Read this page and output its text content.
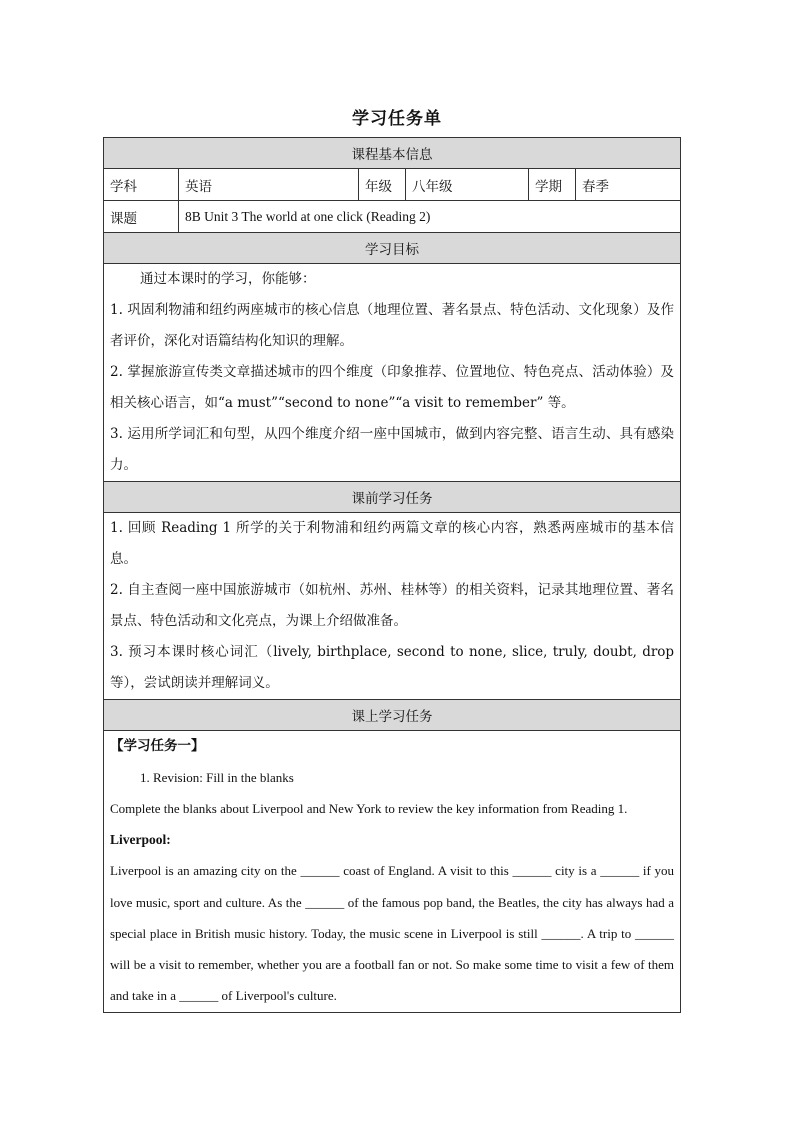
学习任务单
课程基本信息					
学科	英语	年级	八年级	学期	春季
课题	8B Unit 3 The world at one click (Reading 2)				
学习目标					

通过本课时的学习，你能够：
1. 巩固利物浦和纽约两座城市的核心信息（地理位置、著名景点、特色活动、文化现象）及作者评价，深化对语篇结构化知识的理解。
2. 掌握旅游宣传类文章描述城市的四个维度（印象推荐、位置地位、特色亮点、活动体验）及相关核心语言，如“a must”“second to none”“a visit to remember” 等。
3. 运用所学词汇和句型，从四个维度介绍一座中国城市，做到内容完整、语言生动、具有感染力。					

课前学习任务					

1. 回顾 Reading 1 所学的关于利物浦和纽约两篇文章的核心内容，熟悉两座城市的基本信息。
2. 自主查阅一座中国旅游城市（如杭州、苏州、桂林等）的相关资料，记录其地理位置、著名景点、特色活动和文化亮点，为课上介绍做准备。
3. 预习本课时核心词汇（lively, birthplace, second to none, slice, truly, doubt, drop 等），尝试朗读并理解词义。					

课上学习任务					

【学习任务一】
1. Revision: Fill in the blanks
Complete the blanks about Liverpool and New York to review the key information from Reading 1.
Liverpool:
Liverpool is an amazing city on the ______ coast of England. A visit to this ______ city is a ______ if you love music, sport and culture. As the ______ of the famous pop band, the Beatles, the city has always had a special place in British music history. Today, the music scene in Liverpool is still ______. A trip to ______ will be a visit to remember, whether you are a football fan or not. So make some time to visit a few of them and take in a ______ of Liverpool's culture.					
